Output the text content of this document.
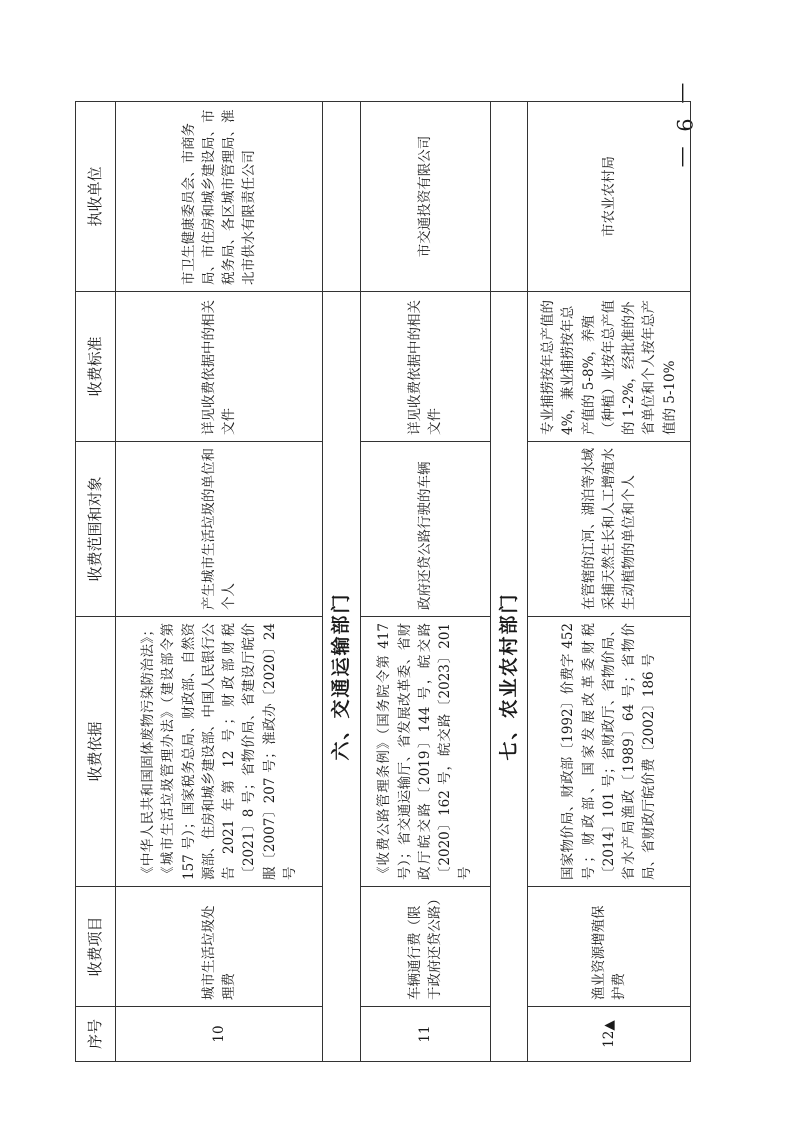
— 9 —
序号	收费项目	收费依据	收费范围和对象	收费标准	执收单位
10	城市生活垃圾处理费	《中华人民共和国固体废物污染防治法》；《城市生活垃圾管理办法》（建设部令第 157 号）；国家税务总局、财政部、自然资源部、住房和城乡建设部、中国人民银行公告 2021 年第 12 号；财政部财税〔2021〕8 号；省物价局、省建设厅皖价服〔2007〕207 号；淮政办〔2020〕24 号	产生城市生活垃圾的单位和个人	详见收费依据中的相关文件	市卫生健康委员会、市商务局、市住房和城乡建设局、市税务局、各区城市管理局、淮北市供水有限责任公司
六、交通运输部门					
11	车辆通行费（限于政府还贷公路）	《收费公路管理条例》（国务院令第 417 号）；省交通运输厅、省发展改革委、省财政厅皖交路〔2019〕144 号，皖交路〔2020〕162 号，皖交路〔2023〕201 号	政府还贷公路行驶的车辆	详见收费依据中的相关文件	市交通投资有限公司
七、农业农村部门					
12▲	渔业资源增殖保护费	国家物价局、财政部〔1992〕价费字 452 号；财政部、国家发展改革委财税〔2014〕101 号；省财政厅、省物价局、省水产局渔政〔1989〕64 号；省物价局、省财政厅皖价费〔2002〕186 号	在管辖的江河、湖泊等水域采捕天然生长和人工增殖水生动植物的单位和个人	专业捕捞按年总产值的 4%，兼业捕捞按年总产值的 5-8%，养殖（种植）业按年总产值的 1-2%，经批准的外省单位和个人按年总产值的 5-10%	市农业农村局
